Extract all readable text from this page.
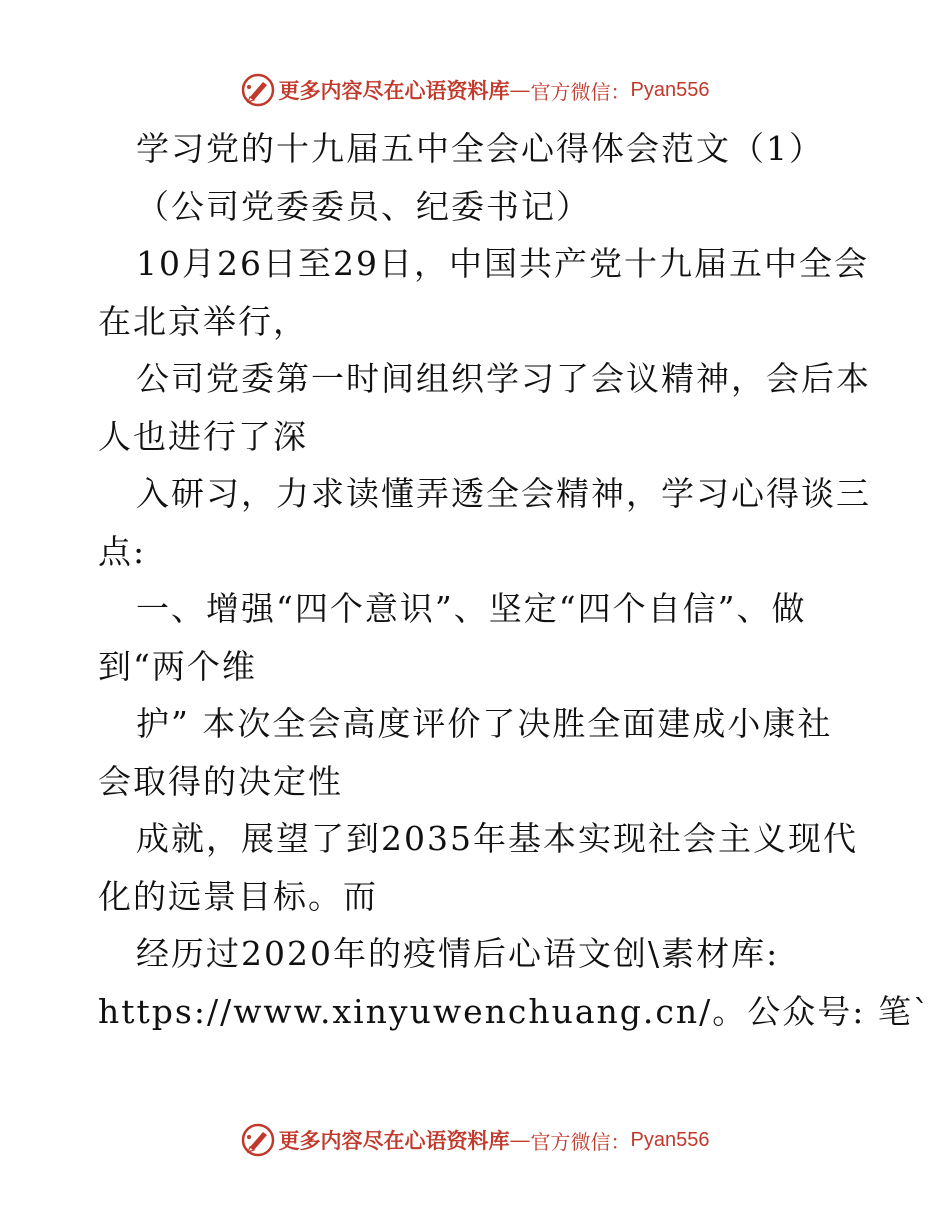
更多内容尽在心语资料库 — 官方微信： Pyan556
学习党的十九届五中全会心得体会范文（1）
（公司党委委员、纪委书记）
10月26日至29日，中国共产党十九届五中全会
在北京举行，
公司党委第一时间组织学习了会议精神，会后本
人也进行了深
入研习，力求读懂弄透全会精神，学习心得谈三
点:
一、增强“四个意识”、坚定“四个自信”、做
到“两个维
护” 本次全会高度评价了决胜全面建成小康社
会取得的决定性
成就，展望了到2035年基本实现社会主义现代
化的远景目标。而
经历过2020年的疫情后心语文创\素材库:
https://www.xinyuwenchuang.cn/。公众号: 笔`
更多内容尽在心语资料库 — 官方微信： Pyan556
